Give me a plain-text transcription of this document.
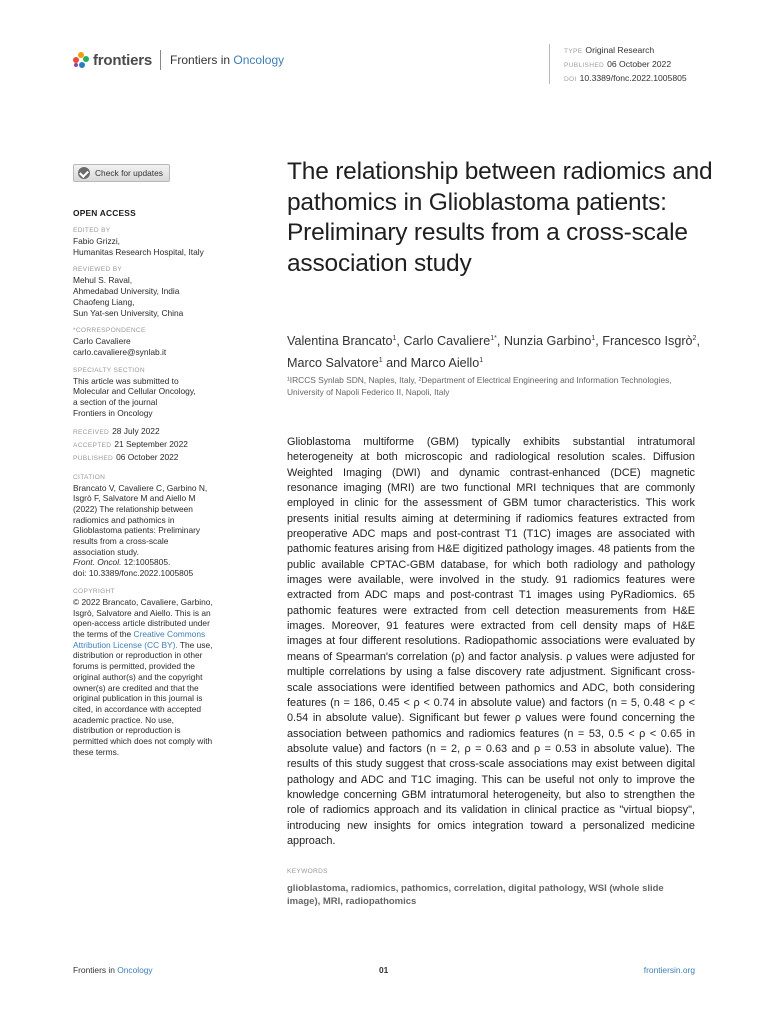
frontiers Frontiers in Oncology
TYPE Original Research
PUBLISHED 06 October 2022
DOI 10.3389/fonc.2022.1005805
Check for updates
OPEN ACCESS
EDITED BY
Fabio Grizzi,
Humanitas Research Hospital, Italy
REVIEWED BY
Mehul S. Raval,
Ahmedabad University, India
Chaofeng Liang,
Sun Yat-sen University, China
*CORRESPONDENCE
Carlo Cavaliere
carlo.cavaliere@synlab.it
SPECIALTY SECTION
This article was submitted to
Molecular and Cellular Oncology,
a section of the journal
Frontiers in Oncology
RECEIVED 28 July 2022
ACCEPTED 21 September 2022
PUBLISHED 06 October 2022
CITATION
Brancato V, Cavaliere C, Garbino N,
Isgrò F, Salvatore M and Aiello M
(2022) The relationship between
radiomics and pathomics in
Glioblastoma patients: Preliminary
results from a cross-scale
association study.
Front. Oncol. 12:1005805.
doi: 10.3389/fonc.2022.1005805
COPYRIGHT
© 2022 Brancato, Cavaliere, Garbino,
Isgrò, Salvatore and Aiello. This is an
open-access article distributed under
the terms of the Creative Commons
Attribution License (CC BY). The use,
distribution or reproduction in other
forums is permitted, provided the
original author(s) and the copyright
owner(s) are credited and that the
original publication in this journal is
cited, in accordance with accepted
academic practice. No use,
distribution or reproduction is
permitted which does not comply with
these terms.
The relationship between radiomics and pathomics in Glioblastoma patients: Preliminary results from a cross-scale association study
Valentina Brancato$^1$, Carlo Cavaliere$^{1*}$, Nunzia Garbino$^1$, Francesco Isgrò$^2$, Marco Salvatore$^1$ and Marco Aiello$^1$
¹IRCCS Synlab SDN, Naples, Italy, ²Department of Electrical Engineering and Information Technologies, University of Napoli Federico II, Napoli, Italy
Glioblastoma multiforme (GBM) typically exhibits substantial intratumoral heterogeneity at both microscopic and radiological resolution scales. Diffusion Weighted Imaging (DWI) and dynamic contrast-enhanced (DCE) magnetic resonance imaging (MRI) are two functional MRI techniques that are commonly employed in clinic for the assessment of GBM tumor characteristics. This work presents initial results aiming at determining if radiomics features extracted from preoperative ADC maps and post-contrast T1 (T1C) images are associated with pathomic features arising from H&E digitized pathology images. 48 patients from the public available CPTAC-GBM database, for which both radiology and pathology images were available, were involved in the study. 91 radiomics features were extracted from ADC maps and post-contrast T1 images using PyRadiomics. 65 pathomic features were extracted from cell detection measurements from H&E images. Moreover, 91 features were extracted from cell density maps of H&E images at four different resolutions. Radiopathomic associations were evaluated by means of Spearman's correlation (ρ) and factor analysis. ρ values were adjusted for multiple correlations by using a false discovery rate adjustment. Significant cross-scale associations were identified between pathomics and ADC, both considering features (n = 186, 0.45 < ρ < 0.74 in absolute value) and factors (n = 5, 0.48 < ρ < 0.54 in absolute value). Significant but fewer ρ values were found concerning the association between pathomics and radiomics features (n = 53, 0.5 < ρ < 0.65 in absolute value) and factors (n = 2, ρ = 0.63 and ρ = 0.53 in absolute value). The results of this study suggest that cross-scale associations may exist between digital pathology and ADC and T1C imaging. This can be useful not only to improve the knowledge concerning GBM intratumoral heterogeneity, but also to strengthen the role of radiomics approach and its validation in clinical practice as "virtual biopsy", introducing new insights for omics integration toward a personalized medicine approach.
KEYWORDS
glioblastoma, radiomics, pathomics, correlation, digital pathology, WSI (whole slide image), MRI, radiopathomics
Frontiers in Oncology	01	frontiersin.org
